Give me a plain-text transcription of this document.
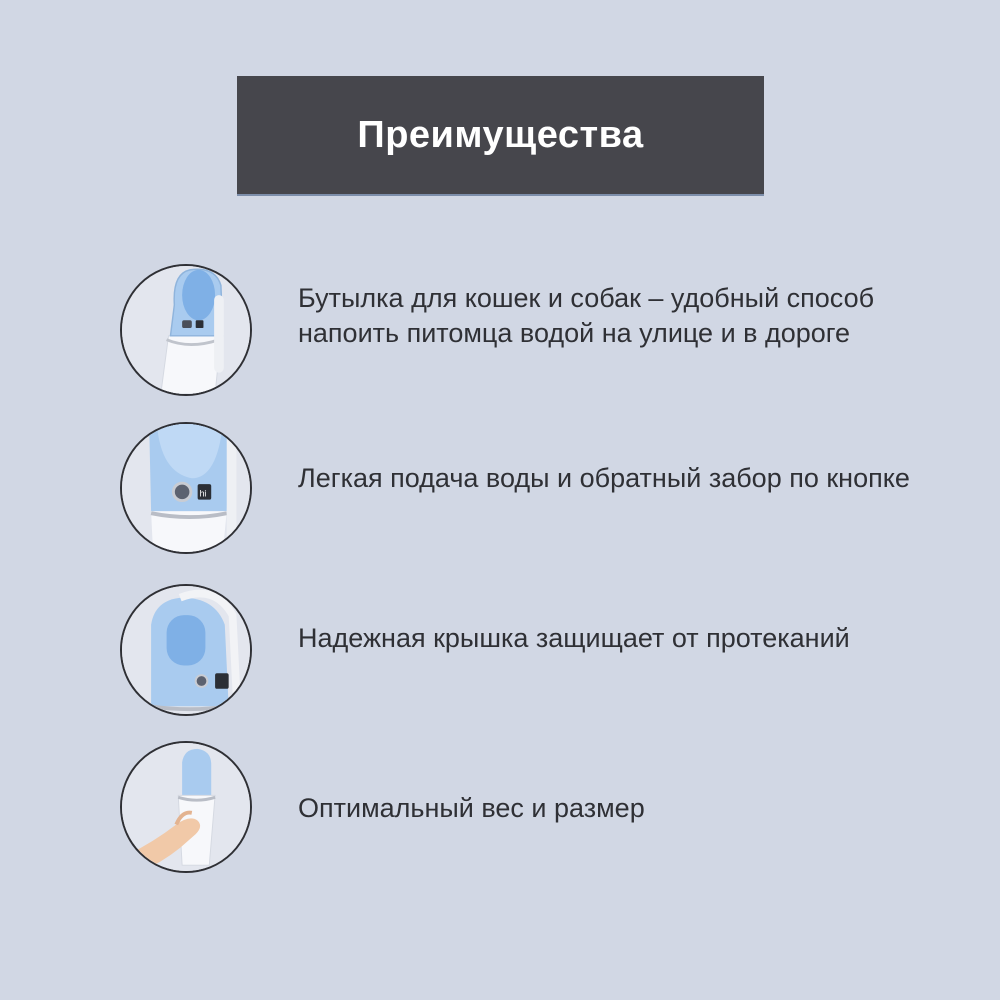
Преимущества
Бутылка для кошек и собак – удобный способ напоить питомца водой на улице и в дороге
hi
Легкая подача воды и обратный забор по кнопке
Надежная крышка защищает от протеканий
Оптимальный вес и размер
